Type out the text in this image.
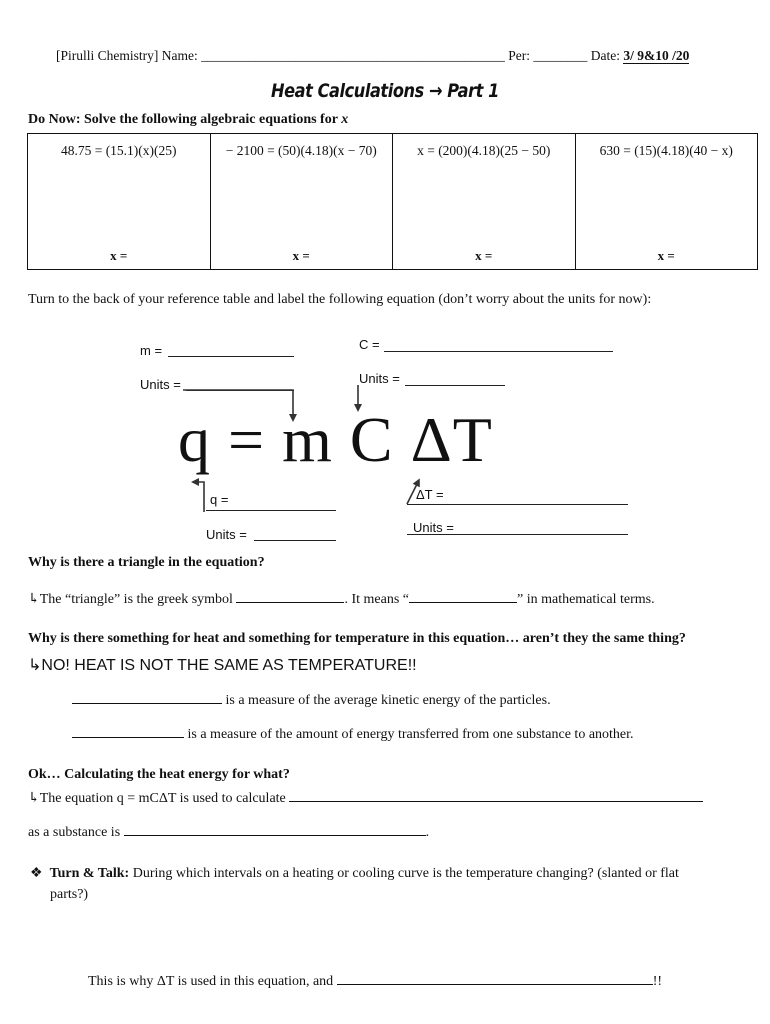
[Pirulli Chemistry] Name: _____________________________________________ Per: ________ Date: 3/ 9&10 /20
Heat Calculations → Part 1
Do Now: Solve the following algebraic equations for x
48.75 = (15.1)(x)(25)
x =
− 2100 = (50)(4.18)(x − 70)
x =
x = (200)(4.18)(25 − 50)
x =
630 = (15)(4.18)(40 − x)
x =
Turn to the back of your reference table and label the following equation (don’t worry about the units for now):
m =
Units =
C =
Units =
q = m C ΔT
q =
Units =
ΔT =
Units =
Why is there a triangle in the equation?
↳The “triangle” is the greek symbol	. It means “	” in mathematical terms.
Why is there something for heat and something for temperature in this equation… aren’t they the same thing?
↳NO! HEAT IS NOT THE SAME AS TEMPERATURE!!
is a measure of the average kinetic energy of the particles.
is a measure of the amount of energy transferred from one substance to another.
Ok… Calculating the heat energy for what?
↳The equation q = mCΔT is used to calculate
as a substance is	.
❖ Turn & Talk: During which intervals on a heating or cooling curve is the temperature changing? (slanted or flat
parts?)
This is why ΔT is used in this equation, and	!!
